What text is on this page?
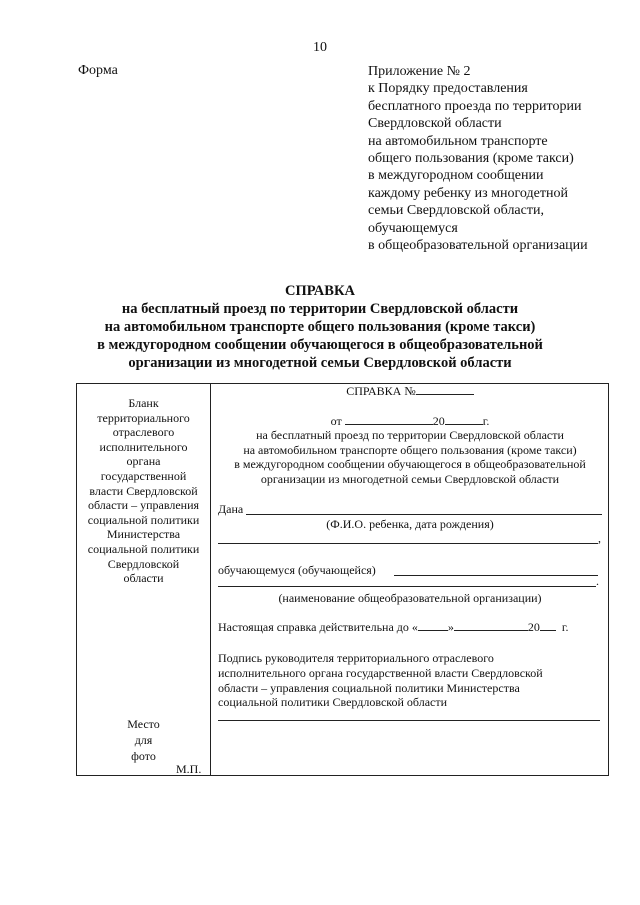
10
Форма	Приложение № 2
к Порядку предоставления
бесплатного проезда по территории
Свердловской области
на автомобильном транспорте
общего пользования (кроме такси)
в междугородном сообщении
каждому ребенку из многодетной
семьи Свердловской области,
обучающемуся
в общеобразовательной организации
СПРАВКА
на бесплатный проезд по территории Свердловской области
на автомобильном транспорте общего пользования (кроме такси)
в междугородном сообщении обучающегося в общеобразовательной
организации из многодетной семьи Свердловской области
Бланк
территориального
отраслевого
исполнительного
органа
государственной
власти Свердловской
области – управления
социальной политики
Министерства
социальной политики
Свердловской
области
Место
для
фото
М.П.
СПРАВКА №
от	20	г.
на бесплатный проезд по территории Свердловской области
на автомобильном транспорте общего пользования (кроме такси)
в междугородном сообщении обучающегося в общеобразовательной
организации из многодетной семьи Свердловской области
Дана
(Ф.И.О. ребенка, дата рождения)
,
обучающемуся (обучающейся)
.
(наименование общеобразовательной организации)
Настоящая справка действительна до «	»	20 г.
Подпись руководителя территориального отраслевого
исполнительного органа государственной власти Свердловской
области – управления социальной политики Министерства
социальной политики Свердловской области
